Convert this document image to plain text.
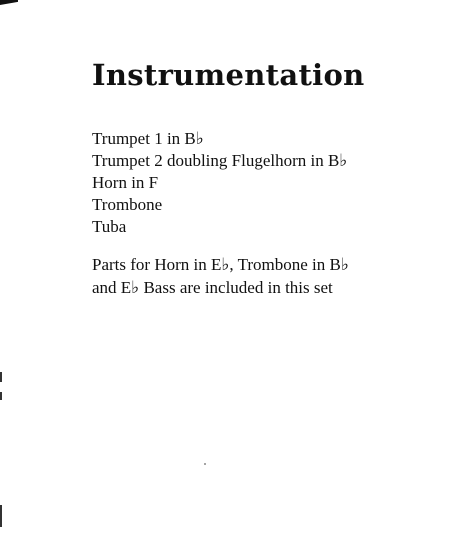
Instrumentation
Trumpet 1 in B♭
Trumpet 2 doubling Flugelhorn in B♭
Horn in F
Trombone
Tuba

Parts for Horn in E♭, Trombone in B♭
and E♭ Bass are included in this set
